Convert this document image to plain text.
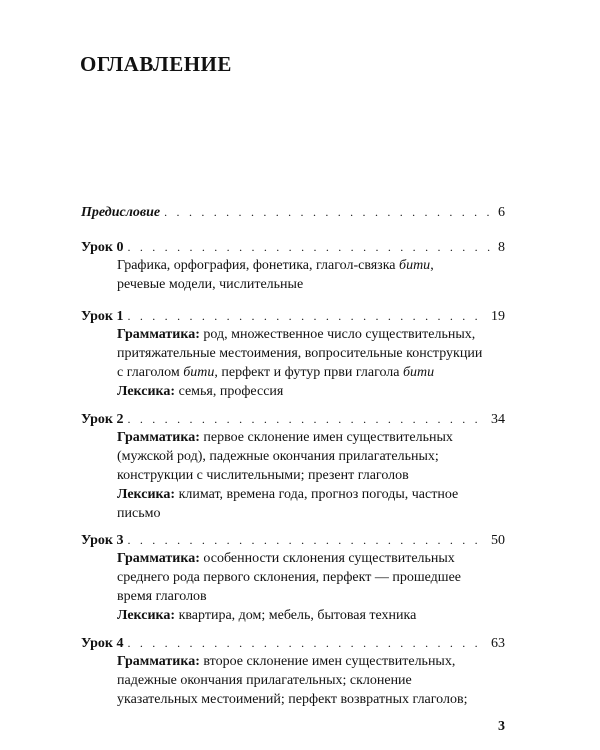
ОГЛАВЛЕНИЕ
Предисловие . . .	6
Урок 0 . . .	8
Графика, орфография, фонетика, глагол-связка бити,
речевые модели, числительные
Урок 1 . . .	19
Грамматика: род, множественное число существительных,
притяжательные местоимения, вопросительные конструкции
с глаголом бити, перфект и футур први глагола бити
Лексика: семья, профессия
Урок 2 . . .	34
Грамматика: первое склонение имен существительных
(мужской род), падежные окончания прилагательных;
конструкции с числительными; презент глаголов
Лексика: климат, времена года, прогноз погоды, частное
письмо
Урок 3 . . .	50
Грамматика: особенности склонения существительных
среднего рода первого склонения, перфект — прошедшее
время глаголов
Лексика: квартира, дом; мебель, бытовая техника
Урок 4 . . .	63
Грамматика: второе склонение имен существительных,
падежные окончания прилагательных; склонение
указательных местоимений; перфект возвратных глаголов;
3
